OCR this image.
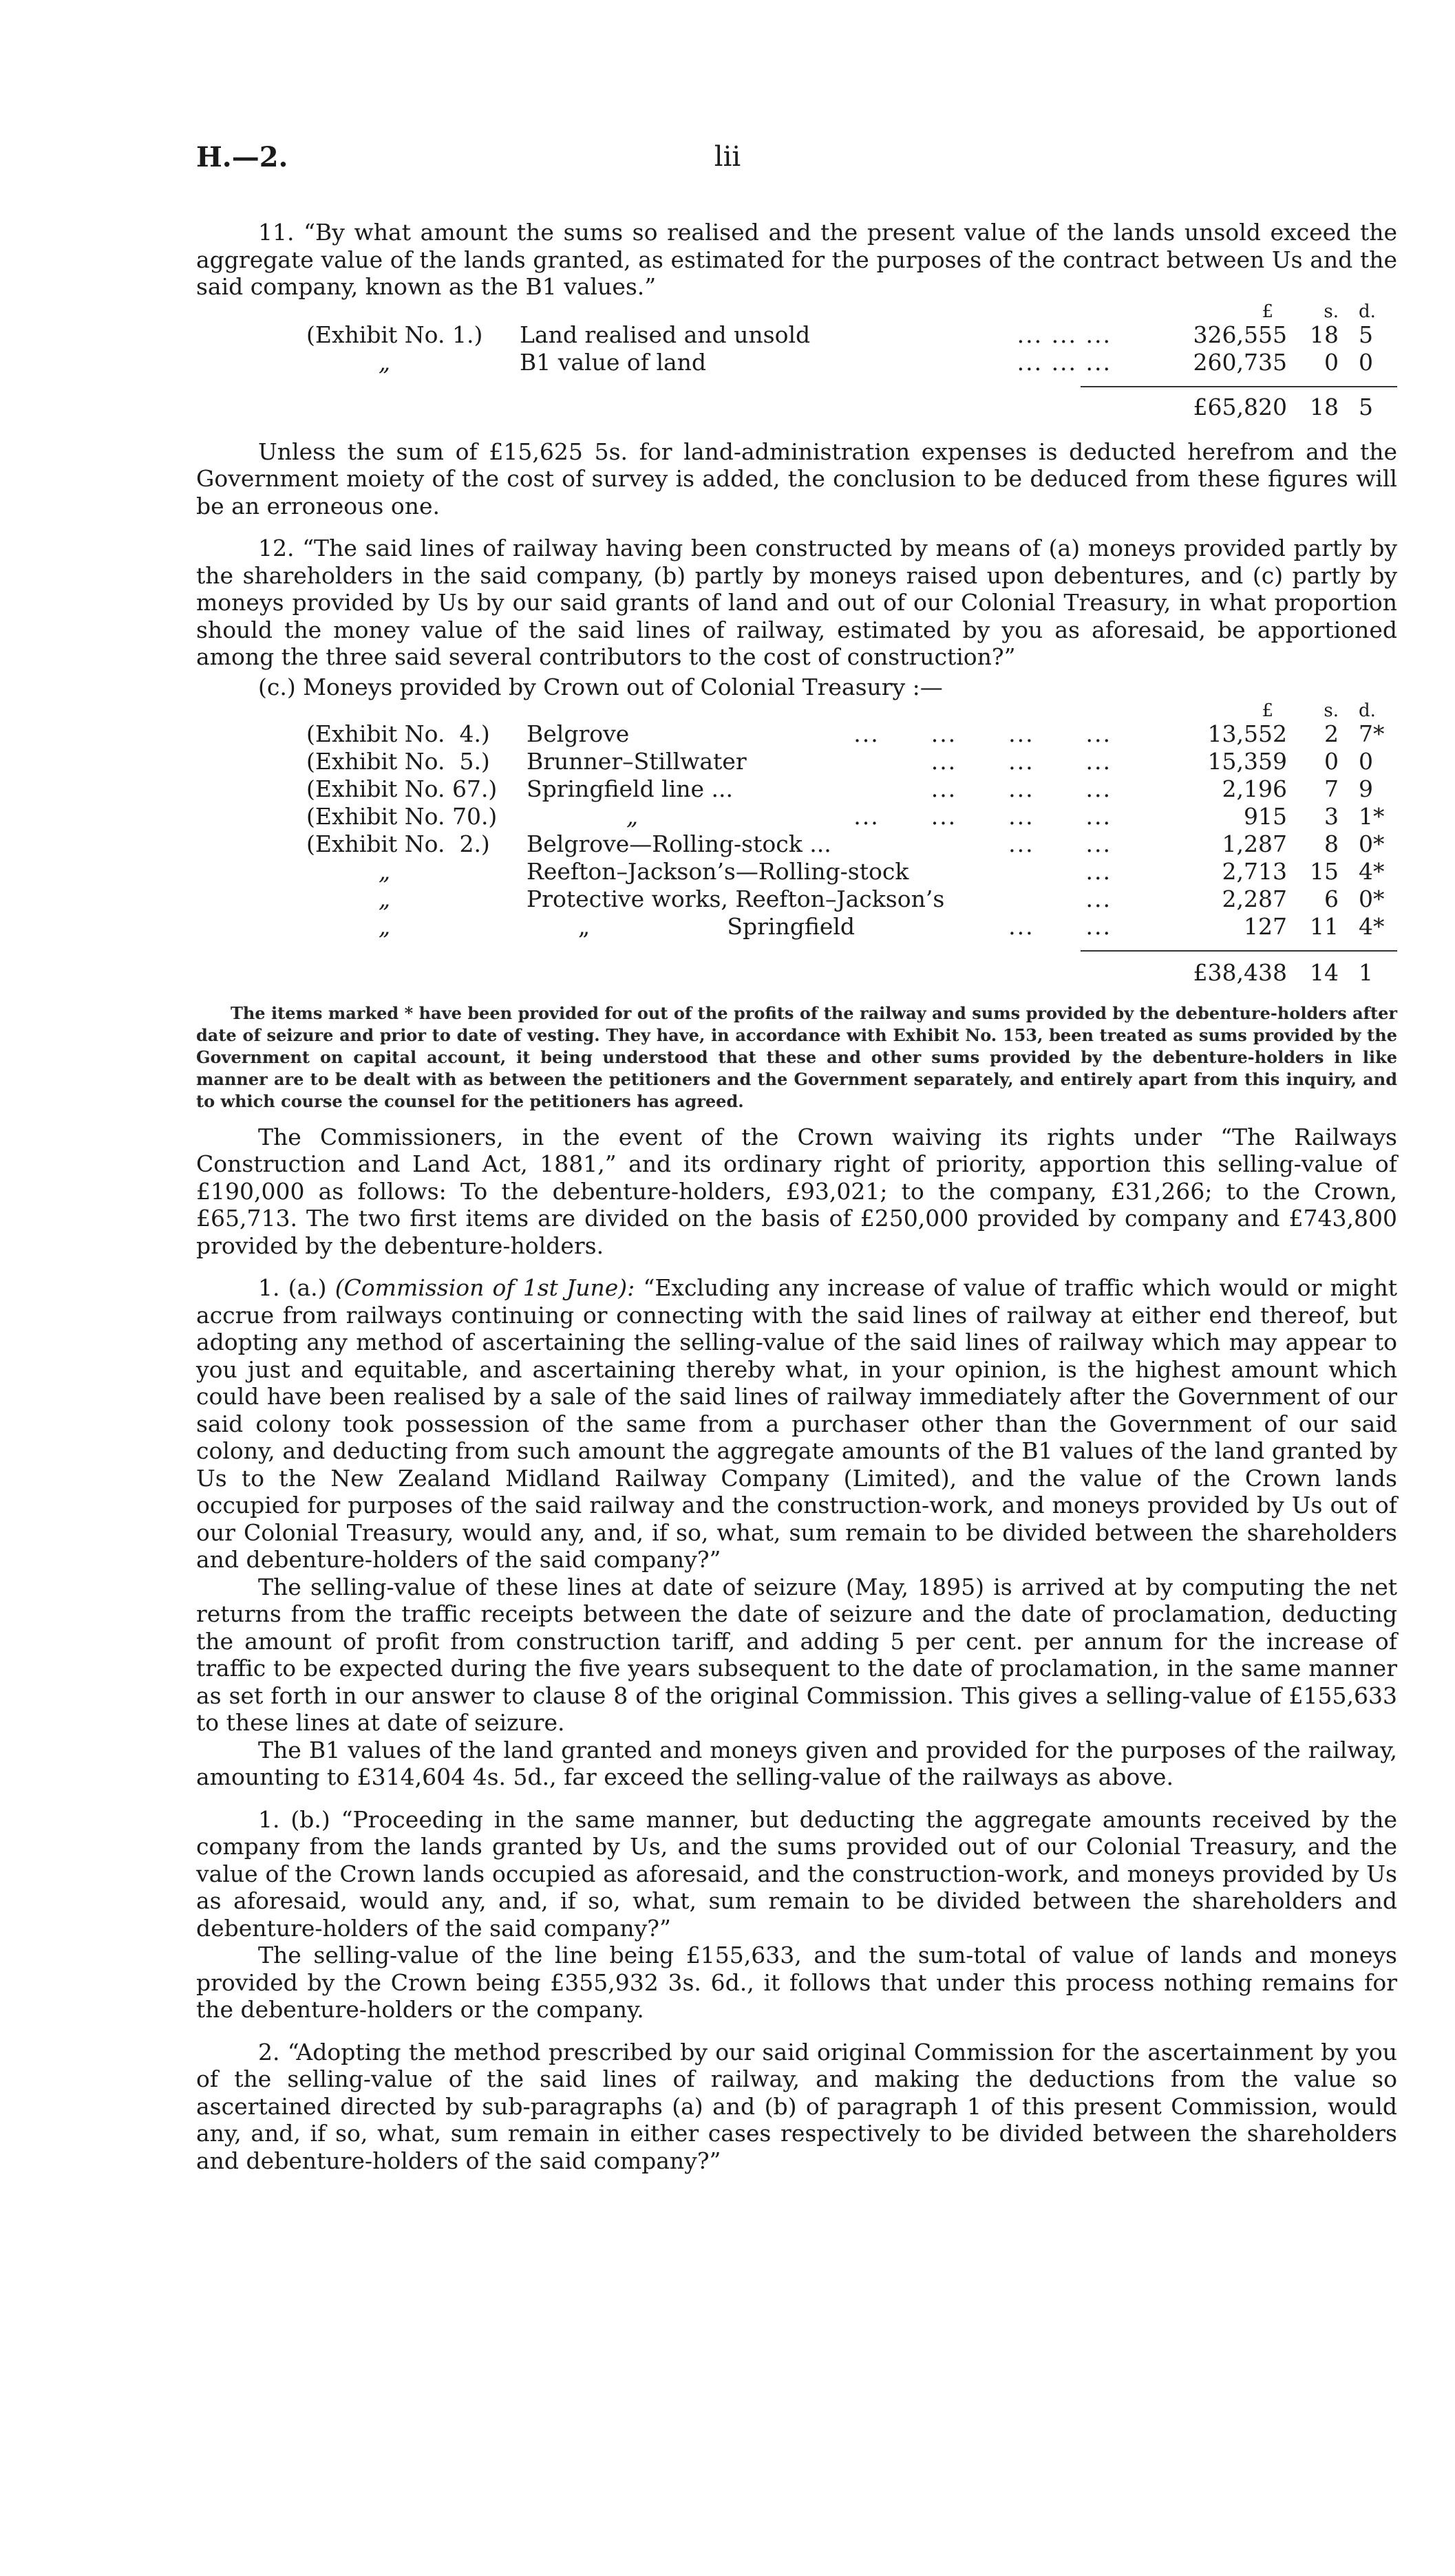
H.—2.	lii

11. “By what amount the sums so realised and the present value of the lands unsold exceed the aggregate value of the lands granted, as estimated for the purposes of the contract between Us and the said company, known as the B1 values.”

£	s.	d.
(Exhibit No. 1.) Land realised and unsold	... ... ...	326,555	18 5
„	B1 value of land	... ... ...	260,735	0 0
£65,820	18 5

Unless the sum of £15,625 5s. for land-administration expenses is deducted herefrom and the Government moiety of the cost of survey is added, the conclusion to be deduced from these figures will be an erroneous one.

12. “The said lines of railway having been constructed by means of (a) moneys provided partly by the shareholders in the said company, (b) partly by moneys raised upon debentures, and (c) partly by moneys provided by Us by our said grants of land and out of our Colonial Treasury, in what proportion should the money value of the said lines of railway, estimated by you as aforesaid, be apportioned among the three said several contributors to the cost of construction?”

(c.) Moneys provided by Crown out of Colonial Treasury :—
£	s.	d.
(Exhibit No.  4.) Belgrove	...      ...      ...      ...	13,552	2 7*
(Exhibit No.  5.) Brunner–Stillwater	...      ...      ...	15,359	0 0
(Exhibit No. 67.) Springfield line ...	...      ...      ...	2,196	7 9
(Exhibit No. 70.)	„	...      ...      ...      ...	915	3 1*
(Exhibit No.  2.) Belgrove—Rolling-stock ...	...      ...	1,287	8 0*
„	Reefton–Jackson’s—Rolling-stock	...	2,713	15 4*
„	Protective works, Reefton–Jackson’s	...	2,287	6 0*
„	„                   Springfield	...      ...	127	11 4*
£38,438	14 1

The items marked * have been provided for out of the profits of the railway and sums provided by the debenture-holders after date of seizure and prior to date of vesting. They have, in accordance with Exhibit No. 153, been treated as sums provided by the Government on capital account, it being understood that these and other sums provided by the debenture-holders in like manner are to be dealt with as between the petitioners and the Government separately, and entirely apart from this inquiry, and to which course the counsel for the petitioners has agreed.

The Commissioners, in the event of the Crown waiving its rights under “The Railways Construction and Land Act, 1881,” and its ordinary right of priority, apportion this selling-value of £190,000 as follows: To the debenture-holders, £93,021; to the company, £31,266; to the Crown, £65,713. The two first items are divided on the basis of £250,000 provided by company and £743,800 provided by the debenture-holders.

1. (a.) (Commission of 1st June): “Excluding any increase of value of traffic which would or might accrue from railways continuing or connecting with the said lines of railway at either end thereof, but adopting any method of ascertaining the selling-value of the said lines of railway which may appear to you just and equitable, and ascertaining thereby what, in your opinion, is the highest amount which could have been realised by a sale of the said lines of railway immediately after the Government of our said colony took possession of the same from a purchaser other than the Government of our said colony, and deducting from such amount the aggregate amounts of the B1 values of the land granted by Us to the New Zealand Midland Railway Company (Limited), and the value of the Crown lands occupied for purposes of the said railway and the construction-work, and moneys provided by Us out of our Colonial Treasury, would any, and, if so, what, sum remain to be divided between the shareholders and debenture-holders of the said company?”

The selling-value of these lines at date of seizure (May, 1895) is arrived at by computing the net returns from the traffic receipts between the date of seizure and the date of proclamation, deducting the amount of profit from construction tariff, and adding 5 per cent. per annum for the increase of traffic to be expected during the five years subsequent to the date of proclamation, in the same manner as set forth in our answer to clause 8 of the original Commission. This gives a selling-value of £155,633 to these lines at date of seizure.

The B1 values of the land granted and moneys given and provided for the purposes of the railway, amounting to £314,604 4s. 5d., far exceed the selling-value of the railways as above.

1. (b.) “Proceeding in the same manner, but deducting the aggregate amounts received by the company from the lands granted by Us, and the sums provided out of our Colonial Treasury, and the value of the Crown lands occupied as aforesaid, and the construction-work, and moneys provided by Us as aforesaid, would any, and, if so, what, sum remain to be divided between the shareholders and debenture-holders of the said company?”

The selling-value of the line being £155,633, and the sum-total of value of lands and moneys provided by the Crown being £355,932 3s. 6d., it follows that under this process nothing remains for the debenture-holders or the company.

2. “Adopting the method prescribed by our said original Commission for the ascertainment by you of the selling-value of the said lines of railway, and making the deductions from the value so ascertained directed by sub-paragraphs (a) and (b) of paragraph 1 of this present Commission, would any, and, if so, what, sum remain in either cases respectively to be divided between the shareholders and debenture-holders of the said company?”
